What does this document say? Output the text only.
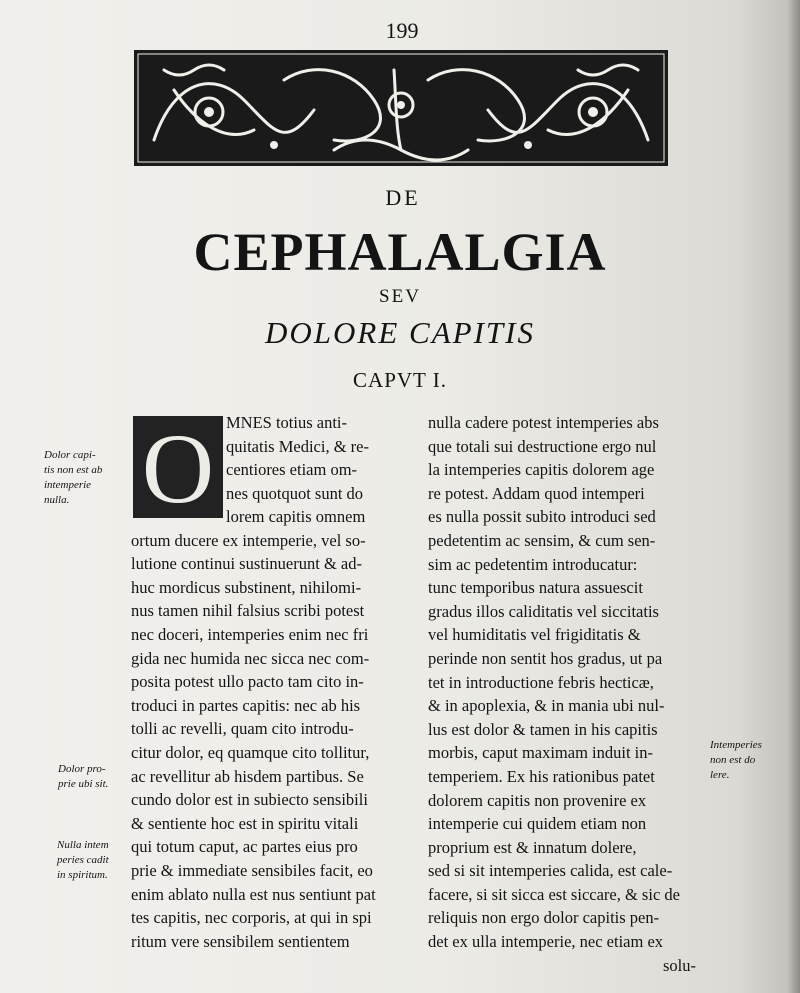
199
DE
CEPHALALGIA
SEV
DOLORE CAPITIS
CAPVT I.
O MNES totius anti-
quitatis Medici, & re-
centiores etiam om-
nes quotquot sunt do
lorem capitis omnem
ortum ducere ex intemperie, vel so-
lutione continui sustinuerunt & ad-
huc mordicus substinent, nihilomi-
nus tamen nihil falsius scribi potest
nec doceri, intemperies enim nec fri
gida nec humida nec sicca nec com-
posita potest ullo pacto tam cito in-
troduci in partes capitis: nec ab his
tolli ac revelli, quam cito introdu-
citur dolor, eq quamque cito tollitur,
ac revellitur ab hisdem partibus. Se
cundo dolor est in subiecto sensibili
& sentiente hoc est in spiritu vitali
qui totum caput, ac partes eius pro
prie & immediate sensibiles facit, eo
enim ablato nulla est nus sentiunt pat
tes capitis, nec corporis, at qui in spi
ritum vere sensibilem sentientem
nulla cadere potest intemperies abs
que totali sui destructione ergo nul
la intemperies capitis dolorem age
re potest. Addam quod intemperi
es nulla possit subito introduci sed
pedetentim ac sensim, & cum sen-
sim ac pedetentim introducatur:
tunc temporibus natura assuescit
gradus illos caliditatis vel siccitatis
vel humiditatis vel frigiditatis &
perinde non sentit hos gradus, ut pa
tet in introductione febris hecticæ,
& in apoplexia, & in mania ubi nul-
lus est dolor & tamen in his capitis
morbis, caput maximam induit in-
temperiem. Ex his rationibus patet
dolorem capitis non provenire ex
intemperie cui quidem etiam non
proprium est & innatum dolere,
sed si sit intemperies calida, est cale-
facere, si sit sicca est siccare, & sic de
reliquis non ergo dolor capitis pen-
det ex ulla intemperie, nec etiam ex
solu-
Dolor capi-
tis non est ab
intemperie
nulla.
Dolor pro-
prie ubi sit.
Nulla intem
peries cadit
in spiritum.
Intemperies
non est do
lere.
